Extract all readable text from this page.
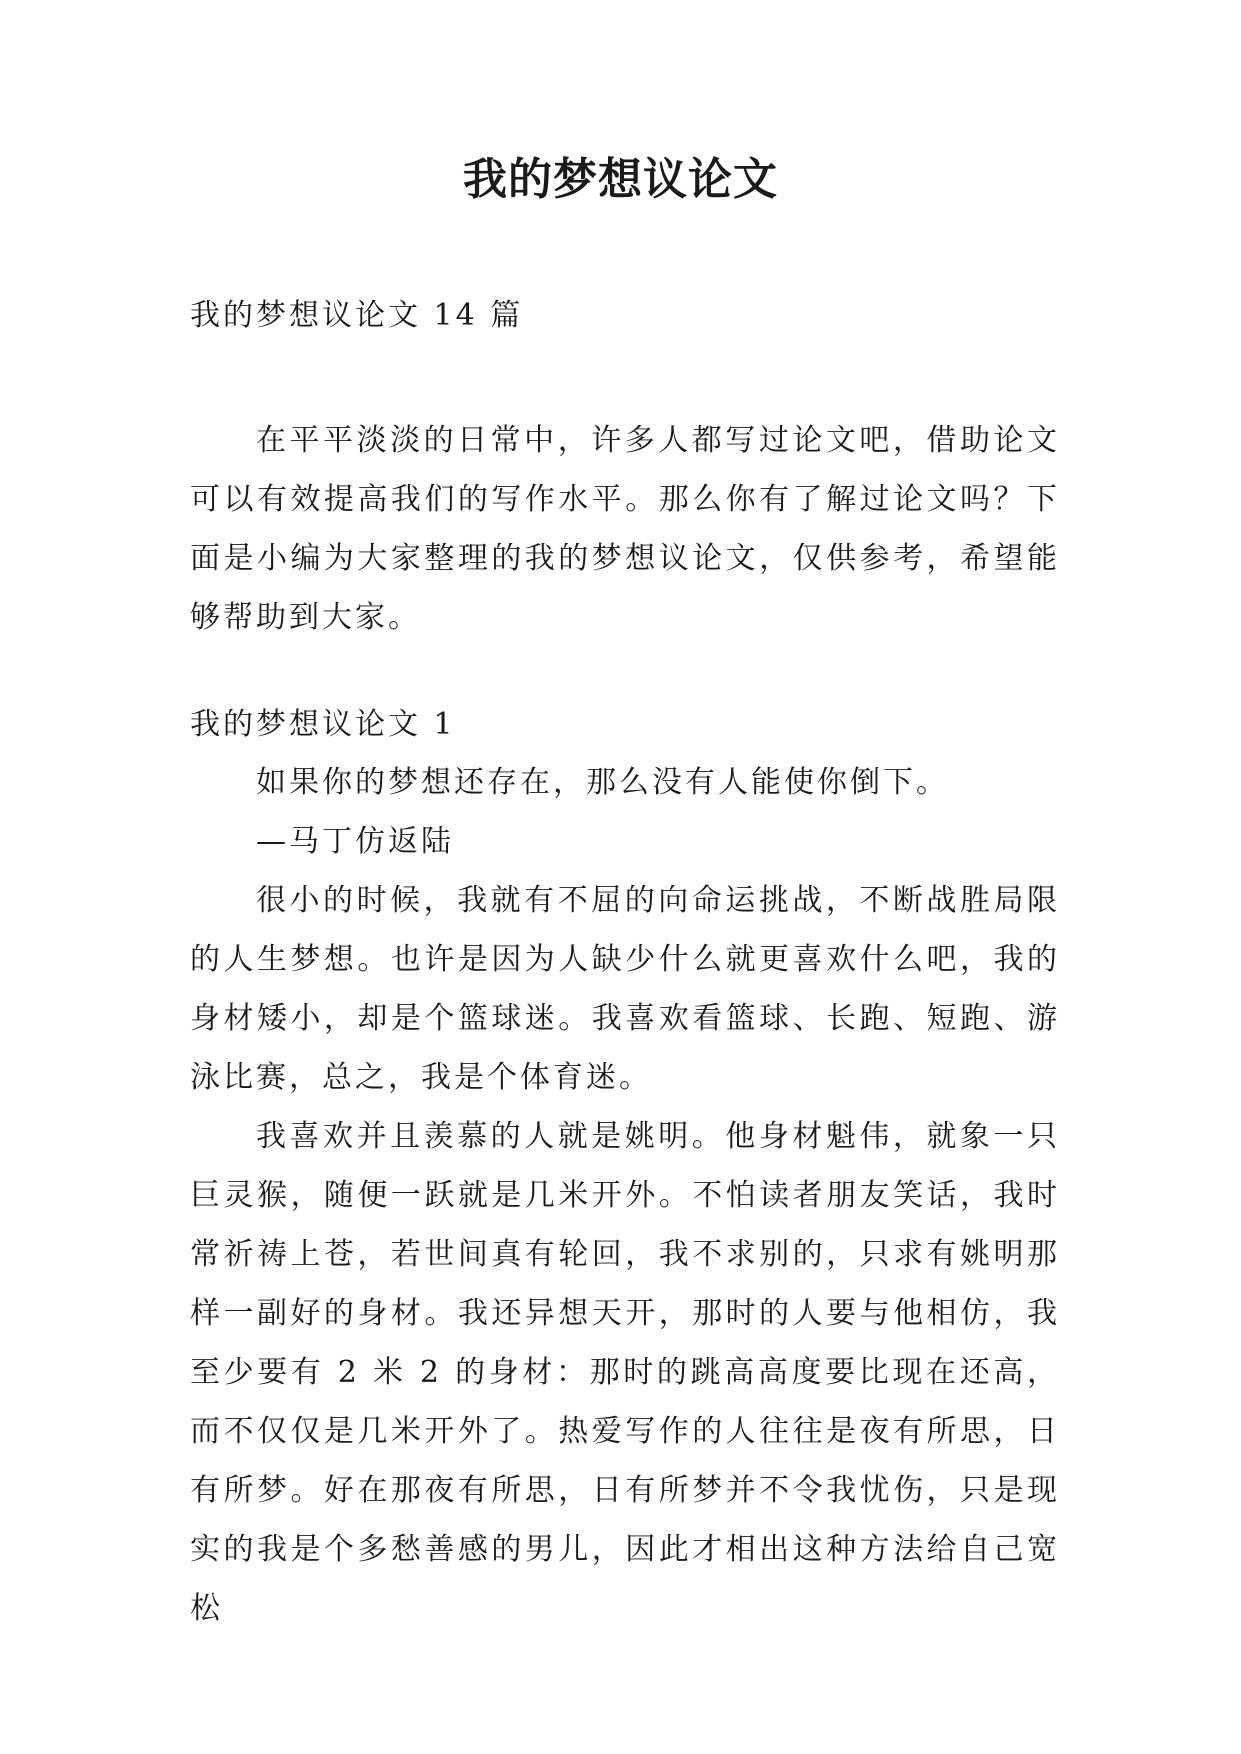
我的梦想议论文
我的梦想议论文 14 篇
在平平淡淡的日常中，许多人都写过论文吧，借助论文可以有效提高我们的写作水平。那么你有了解过论文吗？下面是小编为大家整理的我的梦想议论文，仅供参考，希望能够帮助到大家。
我的梦想议论文 1

如果你的梦想还存在，那么没有人能使你倒下。

—马丁仿返陆

很小的时候，我就有不屈的向命运挑战，不断战胜局限的人生梦想。也许是因为人缺少什么就更喜欢什么吧，我的身材矮小，却是个篮球迷。我喜欢看篮球、长跑、短跑、游泳比赛，总之，我是个体育迷。

我喜欢并且羡慕的人就是姚明。他身材魁伟，就象一只巨灵猴，随便一跃就是几米开外。不怕读者朋友笑话，我时常祈祷上苍，若世间真有轮回，我不求别的，只求有姚明那样一副好的身材。我还异想天开，那时的人要与他相仿，我至少要有 2 米 2 的身材：那时的跳高高度要比现在还高，而不仅仅是几米开外了。热爱写作的人往往是夜有所思，日有所梦。好在那夜有所思，日有所梦并不令我忧伤，只是现实的我是个多愁善感的男儿，因此才相出这种方法给自己宽松
